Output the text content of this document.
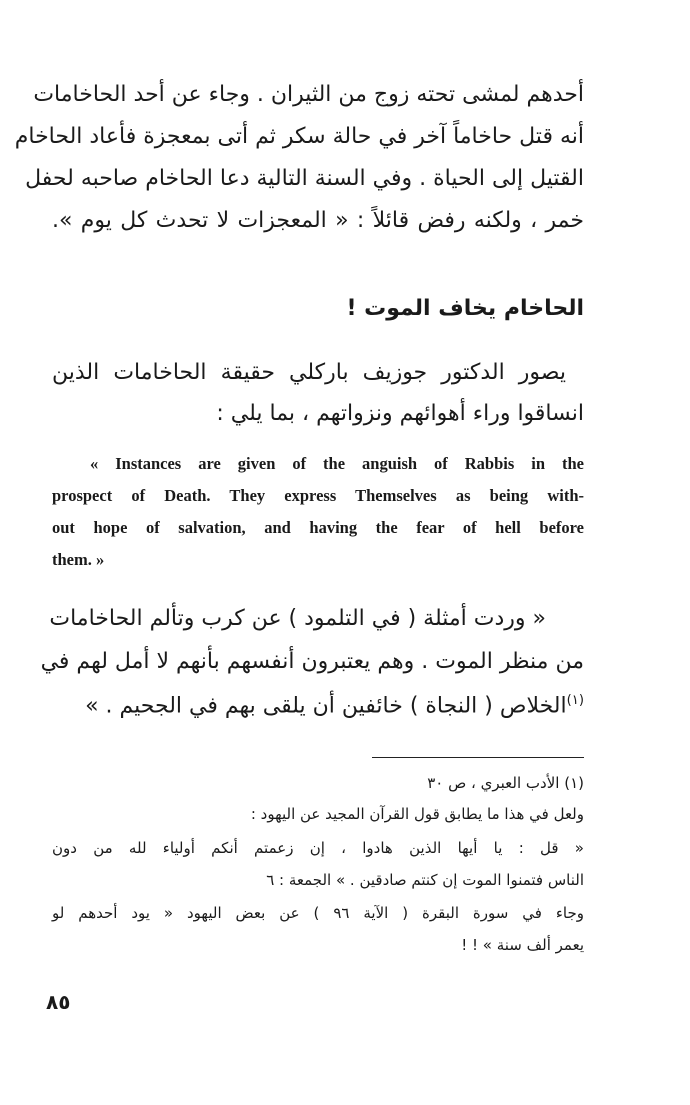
أحدهم لمشى تحته زوج من الثيران . وجاء عن أحد الحاخامات
أنه قتل حاخاماً آخر في حالة سكر ثم أتى بمعجزة فأعاد الحاخام
القتيل إلى الحياة . وفي السنة التالية دعا الحاخام صاحبه لحفل
خمر ، ولكنه رفض قائلاً : « المعجزات لا تحدث كل يوم ».
الحاخام يخاف الموت !
يصور الدكتور جوزيف باركلي حقيقة الحاخامات الذين
انساقوا وراء أهوائهم ونزواتهم ، بما يلي :
« Instances are given of the anguish of Rabbis in the
prospect of Death. They express Themselves as being with-
out hope of salvation, and having the fear of hell before
them. »
« وردت أمثلة ( في التلمود ) عن كرب وتألم الحاخامات
من منظر الموت . وهم يعتبرون أنفسهم بأنهم لا أمل لهم في
$^{(١)}$الخلاص ( النجاة ) خائفين أن يلقى بهم في الجحيم . »
(١) الأدب العبري ، ص ٣٠
ولعل في هذا ما يطابق قول القرآن المجيد عن اليهود :
« قل : يا أيها الذين هادوا ، إن زعمتم أنكم أولياء لله من دون
الناس فتمنوا الموت إن كنتم صادقين . » الجمعة : ٦
وجاء في سورة البقرة ( الآية ٩٦ ) عن بعض اليهود « يود أحدهم لو
يعمر ألف سنة » ! !
٨٥
